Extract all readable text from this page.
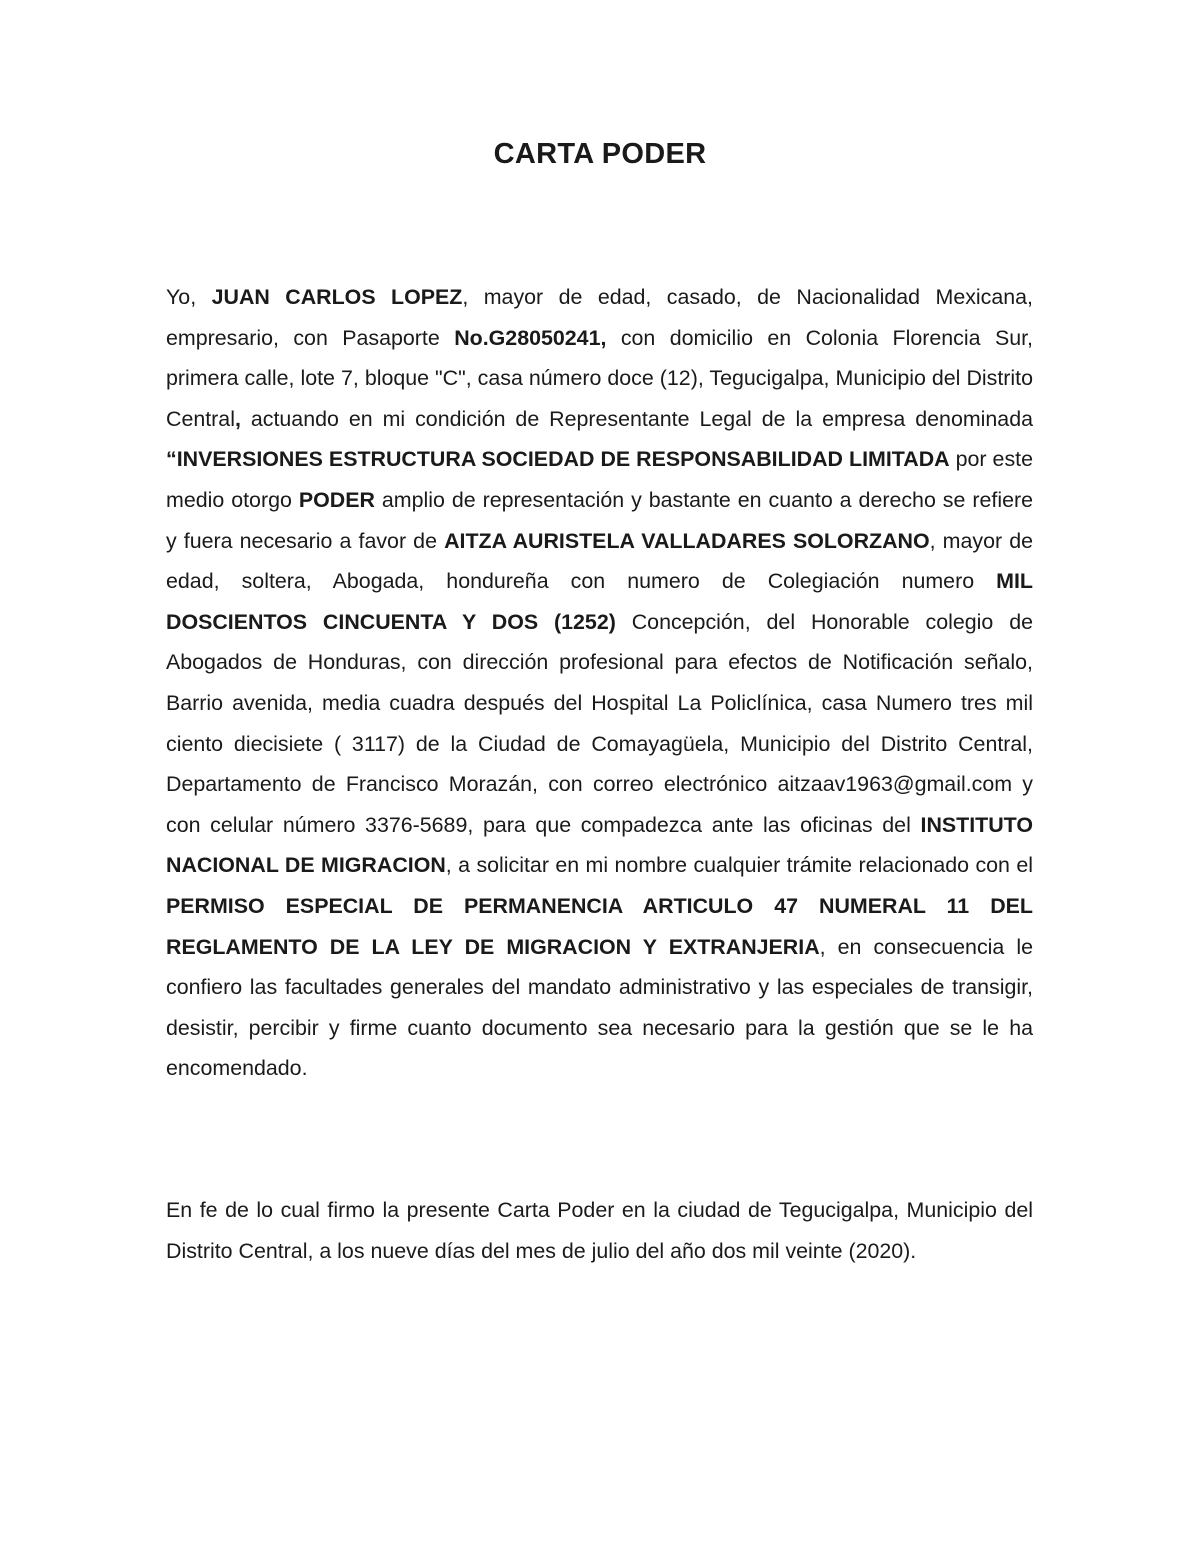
CARTA PODER

Yo, JUAN CARLOS LOPEZ, mayor de edad, casado, de Nacionalidad Mexicana, empresario, con Pasaporte No.G28050241, con domicilio en Colonia Florencia Sur, primera calle, lote 7, bloque "C", casa número doce (12), Tegucigalpa, Municipio del Distrito Central, actuando en mi condición de Representante Legal de la empresa denominada “INVERSIONES ESTRUCTURA SOCIEDAD DE RESPONSABILIDAD LIMITADA por este medio otorgo PODER amplio de representación y bastante en cuanto a derecho se refiere y fuera necesario a favor de AITZA AURISTELA VALLADARES SOLORZANO, mayor de edad, soltera, Abogada, hondureña con numero de Colegiación numero MIL DOSCIENTOS CINCUENTA Y DOS (1252) Concepción, del Honorable colegio de Abogados de Honduras, con dirección profesional para efectos de Notificación señalo, Barrio avenida, media cuadra después del Hospital La Policlínica, casa Numero tres mil ciento diecisiete ( 3117) de la Ciudad de Comayagüela, Municipio del Distrito Central, Departamento de Francisco Morazán, con correo electrónico aitzaav1963@gmail.com y con celular número 3376-5689, para que compadezca ante las oficinas del INSTITUTO NACIONAL DE MIGRACION, a solicitar en mi nombre cualquier trámite relacionado con el PERMISO ESPECIAL DE PERMANENCIA ARTICULO 47 NUMERAL 11 DEL REGLAMENTO DE LA LEY DE MIGRACION Y EXTRANJERIA, en consecuencia le confiero las facultades generales del mandato administrativo y las especiales de transigir, desistir, percibir y firme cuanto documento sea necesario para la gestión que se le ha encomendado.

En fe de lo cual firmo la presente Carta Poder en la ciudad de Tegucigalpa, Municipio del Distrito Central, a los nueve días del mes de julio del año dos mil veinte (2020).
